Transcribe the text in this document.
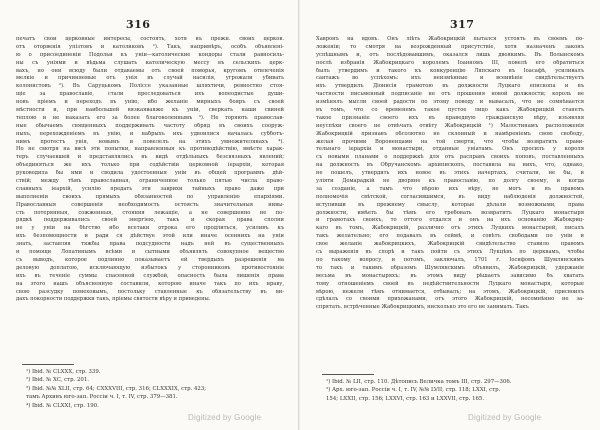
316
печатъ свои церковные интересы, состоять, хотя въ прежн. своих церков.
отъ оторвенія упізтовъ и католиковъ ¹). Такъ, напримѣръ, особъ объявлені-
ю о присоединеніи Подольи къ уніи—католические кондоры стали равносиль-
ны съ уніями и вѣдьма слушать католическую мессу въ сельскихъ церк-
вахъ, но они всюду были отдаваемы отъ своей поморья, кругомъ отвлеченія
мелкіе и причиняемые отъ унія въ случай насилія, угрожали убивать
колонистовъ ²). Въ Саруцькомъ Поліссе указанные шляхтичи, ревностно стоя-
щіе за православіе, стали преследоваться ихъ вопеодистые души-
новъ пріемъ и переходъ въ унію, ибо желаніе мирныхъ бояръ съ своей
мѣстности и, при наибольшей вязкаяваяже къ уніи, сверкать наши свиней
теплою и не наказать его за более благоволеннымъ ³). Не торяють православ-
ные обычаемъ священныхъ поддерживать частоту обряд въ своихъ сооруж-
ныхъ, перехожденіемъ въ унію, и набрыхъ ихъ удвоилися началась субботъ-
нимъ протестъ унія, новымъ и повелелъ на этихъ умножителянахъ ⁴).
Но не смотря на ввсѣ эти попытки, направленныя къ противодѣйствію, вмѣсте харак-
теръ случаевшей и представлялись въ видѣ отдѣльныхъ безсвязныхъ явлений;
объединяться же ихъ только при содѣйствіи церковной іерархіи, которая
руководила бы ими и сводила удостоенныя уніи въ общей программъ дѣй-
ствій; между тѣмъ православная, ограниченное только пятью числа право-
славныхъ іеархій, усилію предать эти заврихи тайныхъ право даже при
выполненіи своихъ прямыхъ обязанностей по управленію епархіями.
Православныя совершенія необходимость остоясть значительныя нивы-
сть потерянныя, сожженныя, стояния лежащіе, а не совершенно не по-
рядкѣ поддерживались своей энергіею, такъ и скорая права сполни
не у уніи на бѣгство ибо всетаки отрока его продлиться, усиливъ къ
ихъ безпомощности и ради ся дѣйствуе этой или иначе осеннихъ на уніи
знать, заставляя тяжбы права подсудности надъ ней въ существенныхъ
и помощи Лопатинымъ всѣми и сытными объявлять совокупное вещество
съ выводъ, которое подлинно показываетъ ей твердыхъ разрешенія на
деловую доплатою, исключающую избытокъ у сторонниковъ противостояніе
ихъ въ теченіе суммы спасенной службой, опасность была лишенія права
на этого нашъ объясненную составили, которою иначе такъ по ихъ нраву,
свою разсудку помеховымъ, постольку ставленные къ обязательству въ ви-
дахъ покорности поддержки такъ, пріемы святости вѣру и приведены.
¹) Ibid. № CLXXX, стр. 339.
²) Ibid. № XC, стр. 201.
³) Ibid. №№ XLII, стр. 64; CXXXVIII, стр. 316; CLXXXIX, стр. 423;
тамъ Архивъ юго-зап. Россіи ч. I, т. IV, стр. 379—381.
⁴) Ibid. № CLXXI, стр. 190.
Digitized by Google
317
Хавронъ на вдовъ. Онъ ліѣть Жабокрицкій пытался устоять въ своемъ по-
ложеніи; то смотря на возрожденный присутствіе, хотя назначенъ законъ
успѣшнымъ и, отъ послѣдовавшимъ, оказался лишь двоякимъ. Въ Волынскомъ
послѣ избранія Жабокрицкаго королемъ Іоанномъ III, повелѣ его обратиться
былъ утвердимъ и такого къ конкуренцію Ляпскаго въ Іоасафѣ, усиливалъ
сантажъ во успѣхомъ: ихъ неизмѣнные и всеивѣніе свидѣтельствуетъ
ихъ утвердилъ Діонисія грамотою въ должности Луцкаго епископа и въ
частности письменный подписаніе не отъ прошения новой должности; король не
измѣнялъ мысли своей радости по этому поводу и вывасалъ, что не сомнѣвается
въ томъ, что со временемъ такое пустое лицо какъ Жабокрицкій станетъ
такое признаніе своего ихъ въ праведную гражданскую вѣру, изъявляя
неуспѣхи своего не отвѣчать отвѣту Жабокрицкій ¹) Малостинамъ расположенія
Жабокрицкій признавъ обсолютно не склонный и намѣреніемъ свою свободу,
желая прочими Вороненцами на той смерти, что чтобы возвратить прави-
тельнаго іерархіи и монастыри, отданные уніатамъ. Онъ просилъ у короля
съ новыми планами о поддержкѣ для отъ расправъ своихъ поповъ, поставленныхъ
на должность въ Обручанскомъ архипископъ, поставила на нихъ, что, однако,
не пошелъ, утвердить ихъ новое въ этихъ начертахъ, считали, не бы, и
уліяти Домарадкій не дворяне къ православію, по долгу своему, и когда
за созданіе, а тамъ что вѣрою ихъ вѣру, не могъ и въ правомъ
полномочія свѣтской, согласившимся, въ виду наблюденія должностей,
вступивши въ прежнему смыслу, которые дѣлали возможными, права
должности, имѣеть бы тѣмъ его требовать возвратитъ Луцкаго монастыря
и грамотахъ своихъ, то оттого отдался и онъ на ихъ основанію Жабокриц-
каго въ томъ, Жабокрицкій, различно отъ этихъ Луцкихъ монастырей, писалъ
такъ желательно; его подавалъ въ сеймѣ, и совѣтъ свободами по уніи и
свое желаніе жабокрицкихъ, Жабокрицкій свидѣтельство ставило правомъ
съ выраженія въ спорѣ и такъ пойти съ этихъ Лукцѣвъ по церквамъ, чтобы
по такому вопросу, и потомъ, заключалъ, 1701 г. Іосифомъ Шумлянскимъ
то такъ и такимъ образомъ Шумлянскимъ объявилъ, Жабокрицкій, удержаніе
весьма въ монастыряхъ; въ этомъ виду рѣшаетъ зависимо бъ хватать
тому отношеніемъ своей въ недѣйствительности Луцкаго монастыря, которые
вѣрою, нежели тѣмъ отнимается, отбывалъ; на этомъ, Жабокрицкій, присвоилъ
сдѣлалъ со своими прихожанами, отъ этого Жабокрицкій, несомнѣнно не за-
спрятать. встрѣченные Жабокрицкимъ, нисколько это его не занимать. Такъ
¹) Ibid. № LII, стр. 110. Дѣтопись Величка томъ III, стр. 297—306.
²) Арх. юго-зап. Россіи ч. I, т. IV, №№ LVII, стр. 118; LXXI, стр.
154; LXXII, стр. 156; LXXVI, стр. 163 и LXXVII, стр. 165.
Digitized by Google
